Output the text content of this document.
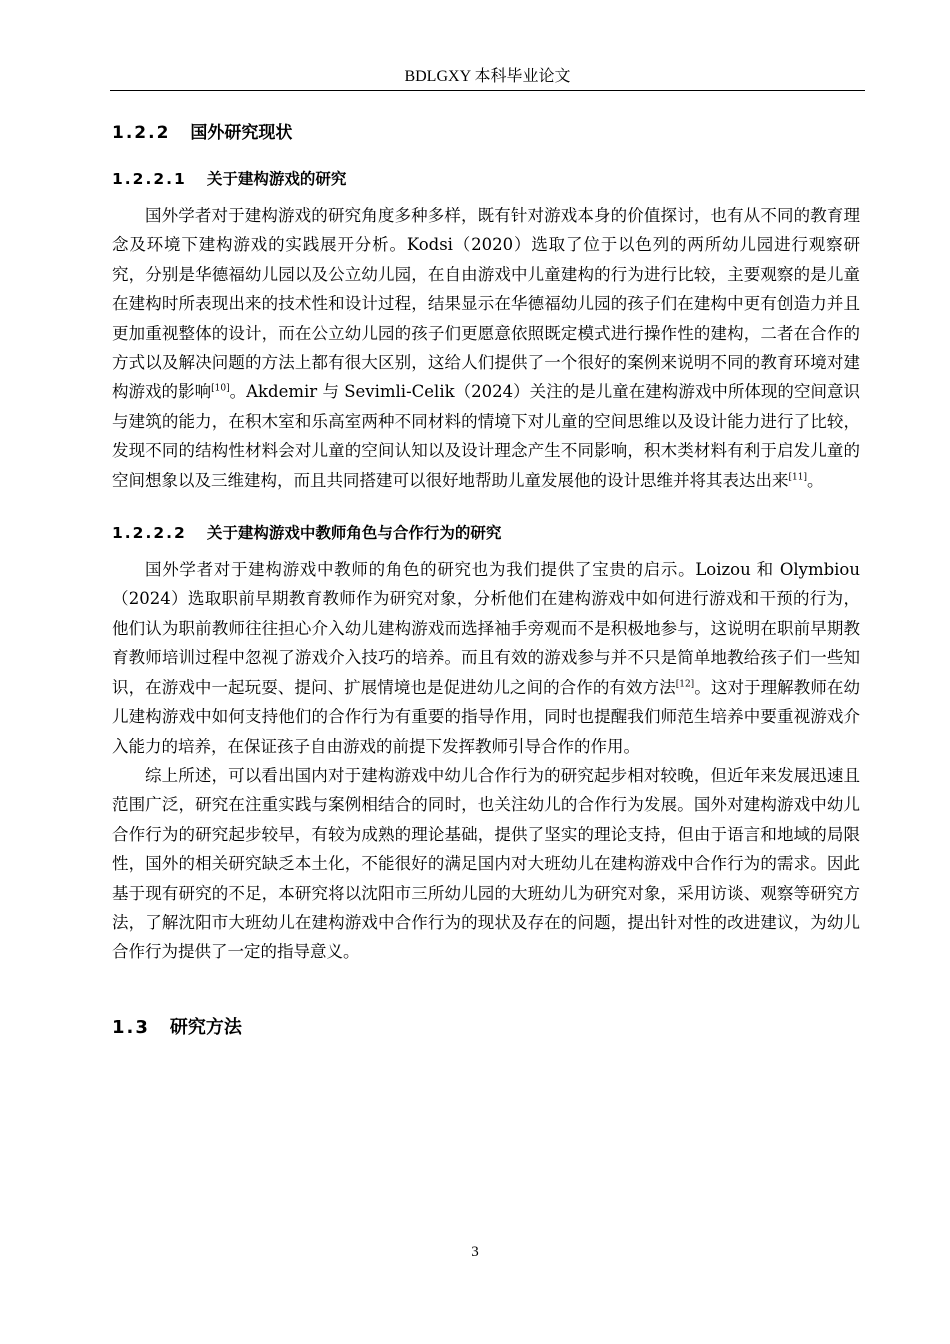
BDLGXY 本科毕业论文
1.2.2 国外研究现状
1.2.2.1 关于建构游戏的研究

国外学者对于建构游戏的研究角度多种多样，既有针对游戏本身的价值探讨，也有从不同的教育理念及环境下建构游戏的实践展开分析。Kodsi（2020）选取了位于以色列的两所幼儿园进行观察研究，分别是华德福幼儿园以及公立幼儿园，在自由游戏中儿童建构的行为进行比较，主要观察的是儿童在建构时所表现出来的技术性和设计过程，结果显示在华德福幼儿园的孩子们在建构中更有创造力并且更加重视整体的设计，而在公立幼儿园的孩子们更愿意依照既定模式进行操作性的建构，二者在合作的方式以及解决问题的方法上都有很大区别，这给人们提供了一个很好的案例来说明不同的教育环境对建构游戏的影响[10]。Akdemir 与 Sevimli-Celik（2024）关注的是儿童在建构游戏中所体现的空间意识与建筑的能力，在积木室和乐高室两种不同材料的情境下对儿童的空间思维以及设计能力进行了比较，发现不同的结构性材料会对儿童的空间认知以及设计理念产生不同影响，积木类材料有利于启发儿童的空间想象以及三维建构，而且共同搭建可以很好地帮助儿童发展他的设计思维并将其表达出来[11]。

1.2.2.2 关于建构游戏中教师角色与合作行为的研究

国外学者对于建构游戏中教师的角色的研究也为我们提供了宝贵的启示。Loizou 和 Olymbiou（2024）选取职前早期教育教师作为研究对象，分析他们在建构游戏中如何进行游戏和干预的行为，他们认为职前教师往往担心介入幼儿建构游戏而选择袖手旁观而不是积极地参与，这说明在职前早期教育教师培训过程中忽视了游戏介入技巧的培养。而且有效的游戏参与并不只是简单地教给孩子们一些知识，在游戏中一起玩耍、提问、扩展情境也是促进幼儿之间的合作的有效方法[12]。这对于理解教师在幼儿建构游戏中如何支持他们的合作行为有重要的指导作用，同时也提醒我们师范生培养中要重视游戏介入能力的培养，在保证孩子自由游戏的前提下发挥教师引导合作的作用。

综上所述，可以看出国内对于建构游戏中幼儿合作行为的研究起步相对较晚，但近年来发展迅速且范围广泛，研究在注重实践与案例相结合的同时，也关注幼儿的合作行为发展。国外对建构游戏中幼儿合作行为的研究起步较早，有较为成熟的理论基础，提供了坚实的理论支持，但由于语言和地域的局限性，国外的相关研究缺乏本土化，不能很好的满足国内对大班幼儿在建构游戏中合作行为的需求。因此基于现有研究的不足，本研究将以沈阳市三所幼儿园的大班幼儿为研究对象，采用访谈、观察等研究方法，了解沈阳市大班幼儿在建构游戏中合作行为的现状及存在的问题，提出针对性的改进建议，为幼儿合作行为提供了一定的指导意义。

1.3 研究方法
3
